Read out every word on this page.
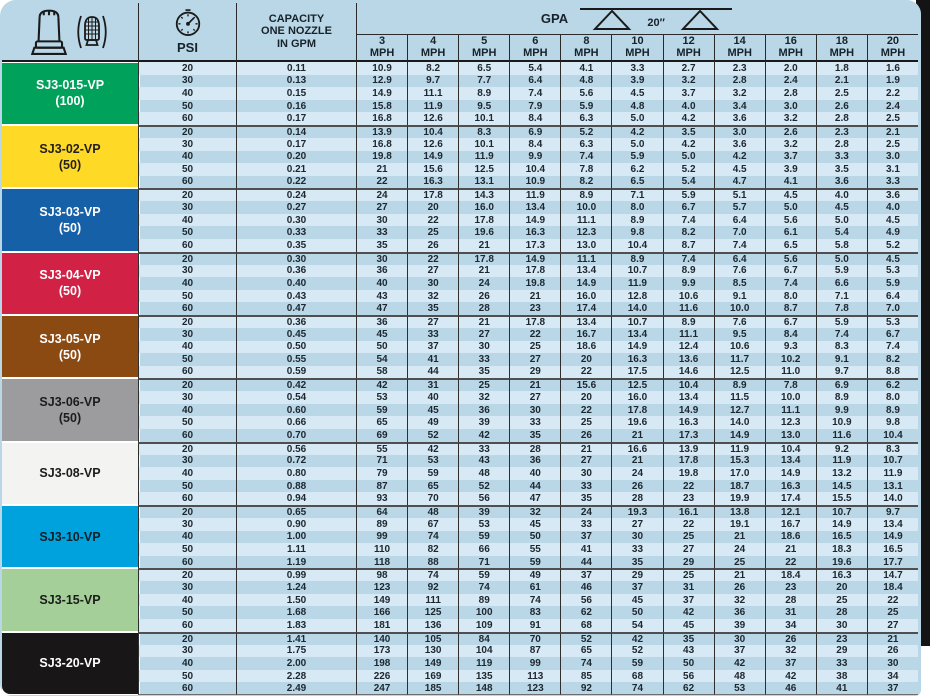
PSI
CAPACITY
ONE NOZZLE
IN GPM
GPA	20″
3
MPH
4
MPH
5
MPH
6
MPH
8
MPH
10
MPH
12
MPH
14
MPH
16
MPH
18
MPH
20
MPH
SJ3-015-VP
(100)
20	0.11	10.9	8.2	6.5	5.4	4.1	3.3	2.7	2.3	2.0	1.8	1.6
30	0.13	12.9	9.7	7.7	6.4	4.8	3.9	3.2	2.8	2.4	2.1	1.9
40	0.15	14.9	11.1	8.9	7.4	5.6	4.5	3.7	3.2	2.8	2.5	2.2
50	0.16	15.8	11.9	9.5	7.9	5.9	4.8	4.0	3.4	3.0	2.6	2.4
60	0.17	16.8	12.6	10.1	8.4	6.3	5.0	4.2	3.6	3.2	2.8	2.5
SJ3-02-VP
(50)
20	0.14	13.9	10.4	8.3	6.9	5.2	4.2	3.5	3.0	2.6	2.3	2.1
30	0.17	16.8	12.6	10.1	8.4	6.3	5.0	4.2	3.6	3.2	2.8	2.5
40	0.20	19.8	14.9	11.9	9.9	7.4	5.9	5.0	4.2	3.7	3.3	3.0
50	0.21	21	15.6	12.5	10.4	7.8	6.2	5.2	4.5	3.9	3.5	3.1
60	0.22	22	16.3	13.1	10.9	8.2	6.5	5.4	4.7	4.1	3.6	3.3
SJ3-03-VP
(50)
20	0.24	24	17.8	14.3	11.9	8.9	7.1	5.9	5.1	4.5	4.0	3.6
30	0.27	27	20	16.0	13.4	10.0	8.0	6.7	5.7	5.0	4.5	4.0
40	0.30	30	22	17.8	14.9	11.1	8.9	7.4	6.4	5.6	5.0	4.5
50	0.33	33	25	19.6	16.3	12.3	9.8	8.2	7.0	6.1	5.4	4.9
60	0.35	35	26	21	17.3	13.0	10.4	8.7	7.4	6.5	5.8	5.2
SJ3-04-VP
(50)
20	0.30	30	22	17.8	14.9	11.1	8.9	7.4	6.4	5.6	5.0	4.5
30	0.36	36	27	21	17.8	13.4	10.7	8.9	7.6	6.7	5.9	5.3
40	0.40	40	30	24	19.8	14.9	11.9	9.9	8.5	7.4	6.6	5.9
50	0.43	43	32	26	21	16.0	12.8	10.6	9.1	8.0	7.1	6.4
60	0.47	47	35	28	23	17.4	14.0	11.6	10.0	8.7	7.8	7.0
SJ3-05-VP
(50)
20	0.36	36	27	21	17.8	13.4	10.7	8.9	7.6	6.7	5.9	5.3
30	0.45	45	33	27	22	16.7	13.4	11.1	9.5	8.4	7.4	6.7
40	0.50	50	37	30	25	18.6	14.9	12.4	10.6	9.3	8.3	7.4
50	0.55	54	41	33	27	20	16.3	13.6	11.7	10.2	9.1	8.2
60	0.59	58	44	35	29	22	17.5	14.6	12.5	11.0	9.7	8.8
SJ3-06-VP
(50)
20	0.42	42	31	25	21	15.6	12.5	10.4	8.9	7.8	6.9	6.2
30	0.54	53	40	32	27	20	16.0	13.4	11.5	10.0	8.9	8.0
40	0.60	59	45	36	30	22	17.8	14.9	12.7	11.1	9.9	8.9
50	0.66	65	49	39	33	25	19.6	16.3	14.0	12.3	10.9	9.8
60	0.70	69	52	42	35	26	21	17.3	14.9	13.0	11.6	10.4
SJ3-08-VP
20	0.56	55	42	33	28	21	16.6	13.9	11.9	10.4	9.2	8.3
30	0.72	71	53	43	36	27	21	17.8	15.3	13.4	11.9	10.7
40	0.80	79	59	48	40	30	24	19.8	17.0	14.9	13.2	11.9
50	0.88	87	65	52	44	33	26	22	18.7	16.3	14.5	13.1
60	0.94	93	70	56	47	35	28	23	19.9	17.4	15.5	14.0
SJ3-10-VP
20	0.65	64	48	39	32	24	19.3	16.1	13.8	12.1	10.7	9.7
30	0.90	89	67	53	45	33	27	22	19.1	16.7	14.9	13.4
40	1.00	99	74	59	50	37	30	25	21	18.6	16.5	14.9
50	1.11	110	82	66	55	41	33	27	24	21	18.3	16.5
60	1.19	118	88	71	59	44	35	29	25	22	19.6	17.7
SJ3-15-VP
20	0.99	98	74	59	49	37	29	25	21	18.4	16.3	14.7
30	1.24	123	92	74	61	46	37	31	26	23	20	18.4
40	1.50	149	111	89	74	56	45	37	32	28	25	22
50	1.68	166	125	100	83	62	50	42	36	31	28	25
60	1.83	181	136	109	91	68	54	45	39	34	30	27
SJ3-20-VP
20	1.41	140	105	84	70	52	42	35	30	26	23	21
30	1.75	173	130	104	87	65	52	43	37	32	29	26
40	2.00	198	149	119	99	74	59	50	42	37	33	30
50	2.28	226	169	135	113	85	68	56	48	42	38	34
60	2.49	247	185	148	123	92	74	62	53	46	41	37
